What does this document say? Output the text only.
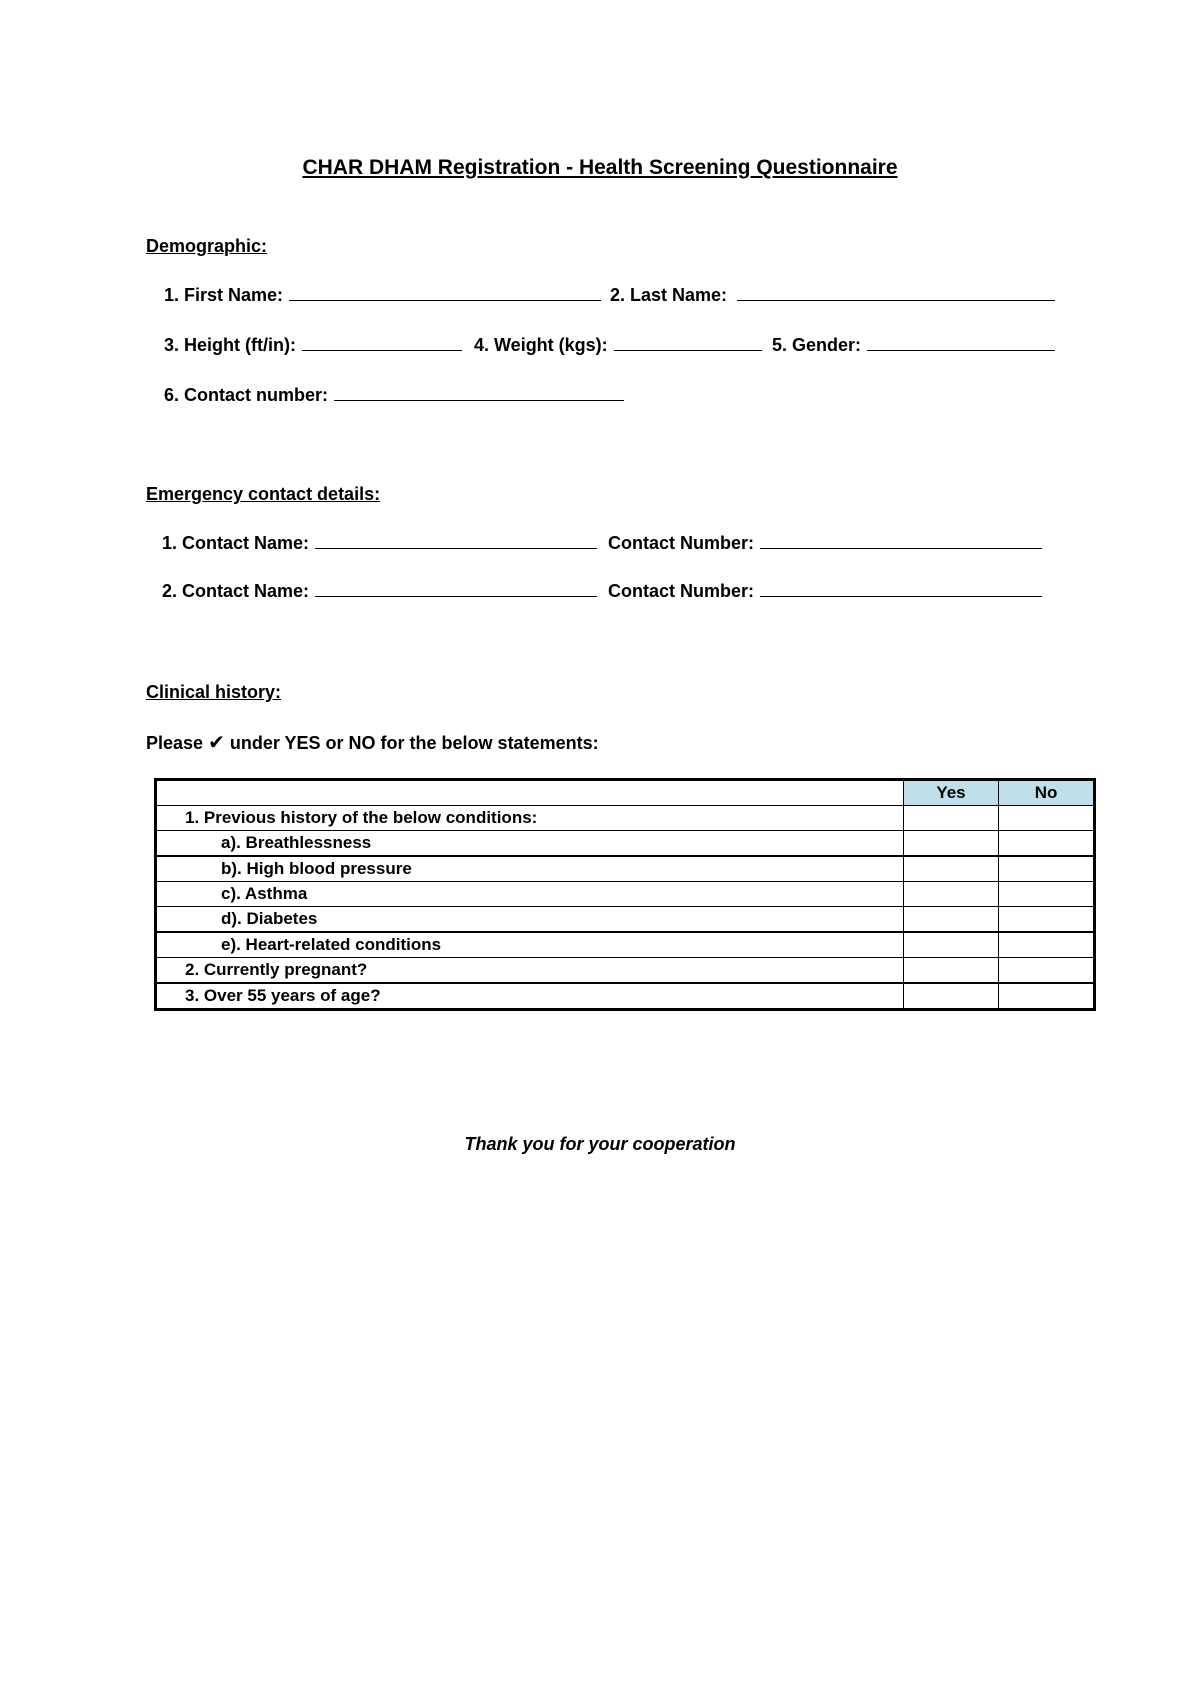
CHAR DHAM Registration - Health Screening Questionnaire
Demographic:
1. First Name:	2. Last Name:
3. Height (ft/in):	4. Weight (kgs):	5. Gender:
6. Contact number:
Emergency contact details:
1. Contact Name:	Contact Number:
2. Contact Name:	Contact Number:
Clinical history:
Please ✔ under YES or NO for the below statements:
	Yes	No
1. Previous history of the below conditions:		
a). Breathlessness		
b). High blood pressure		
c). Asthma		
d). Diabetes		
e). Heart-related conditions		
2. Currently pregnant?		
3. Over 55 years of age?		
Thank you for your cooperation
